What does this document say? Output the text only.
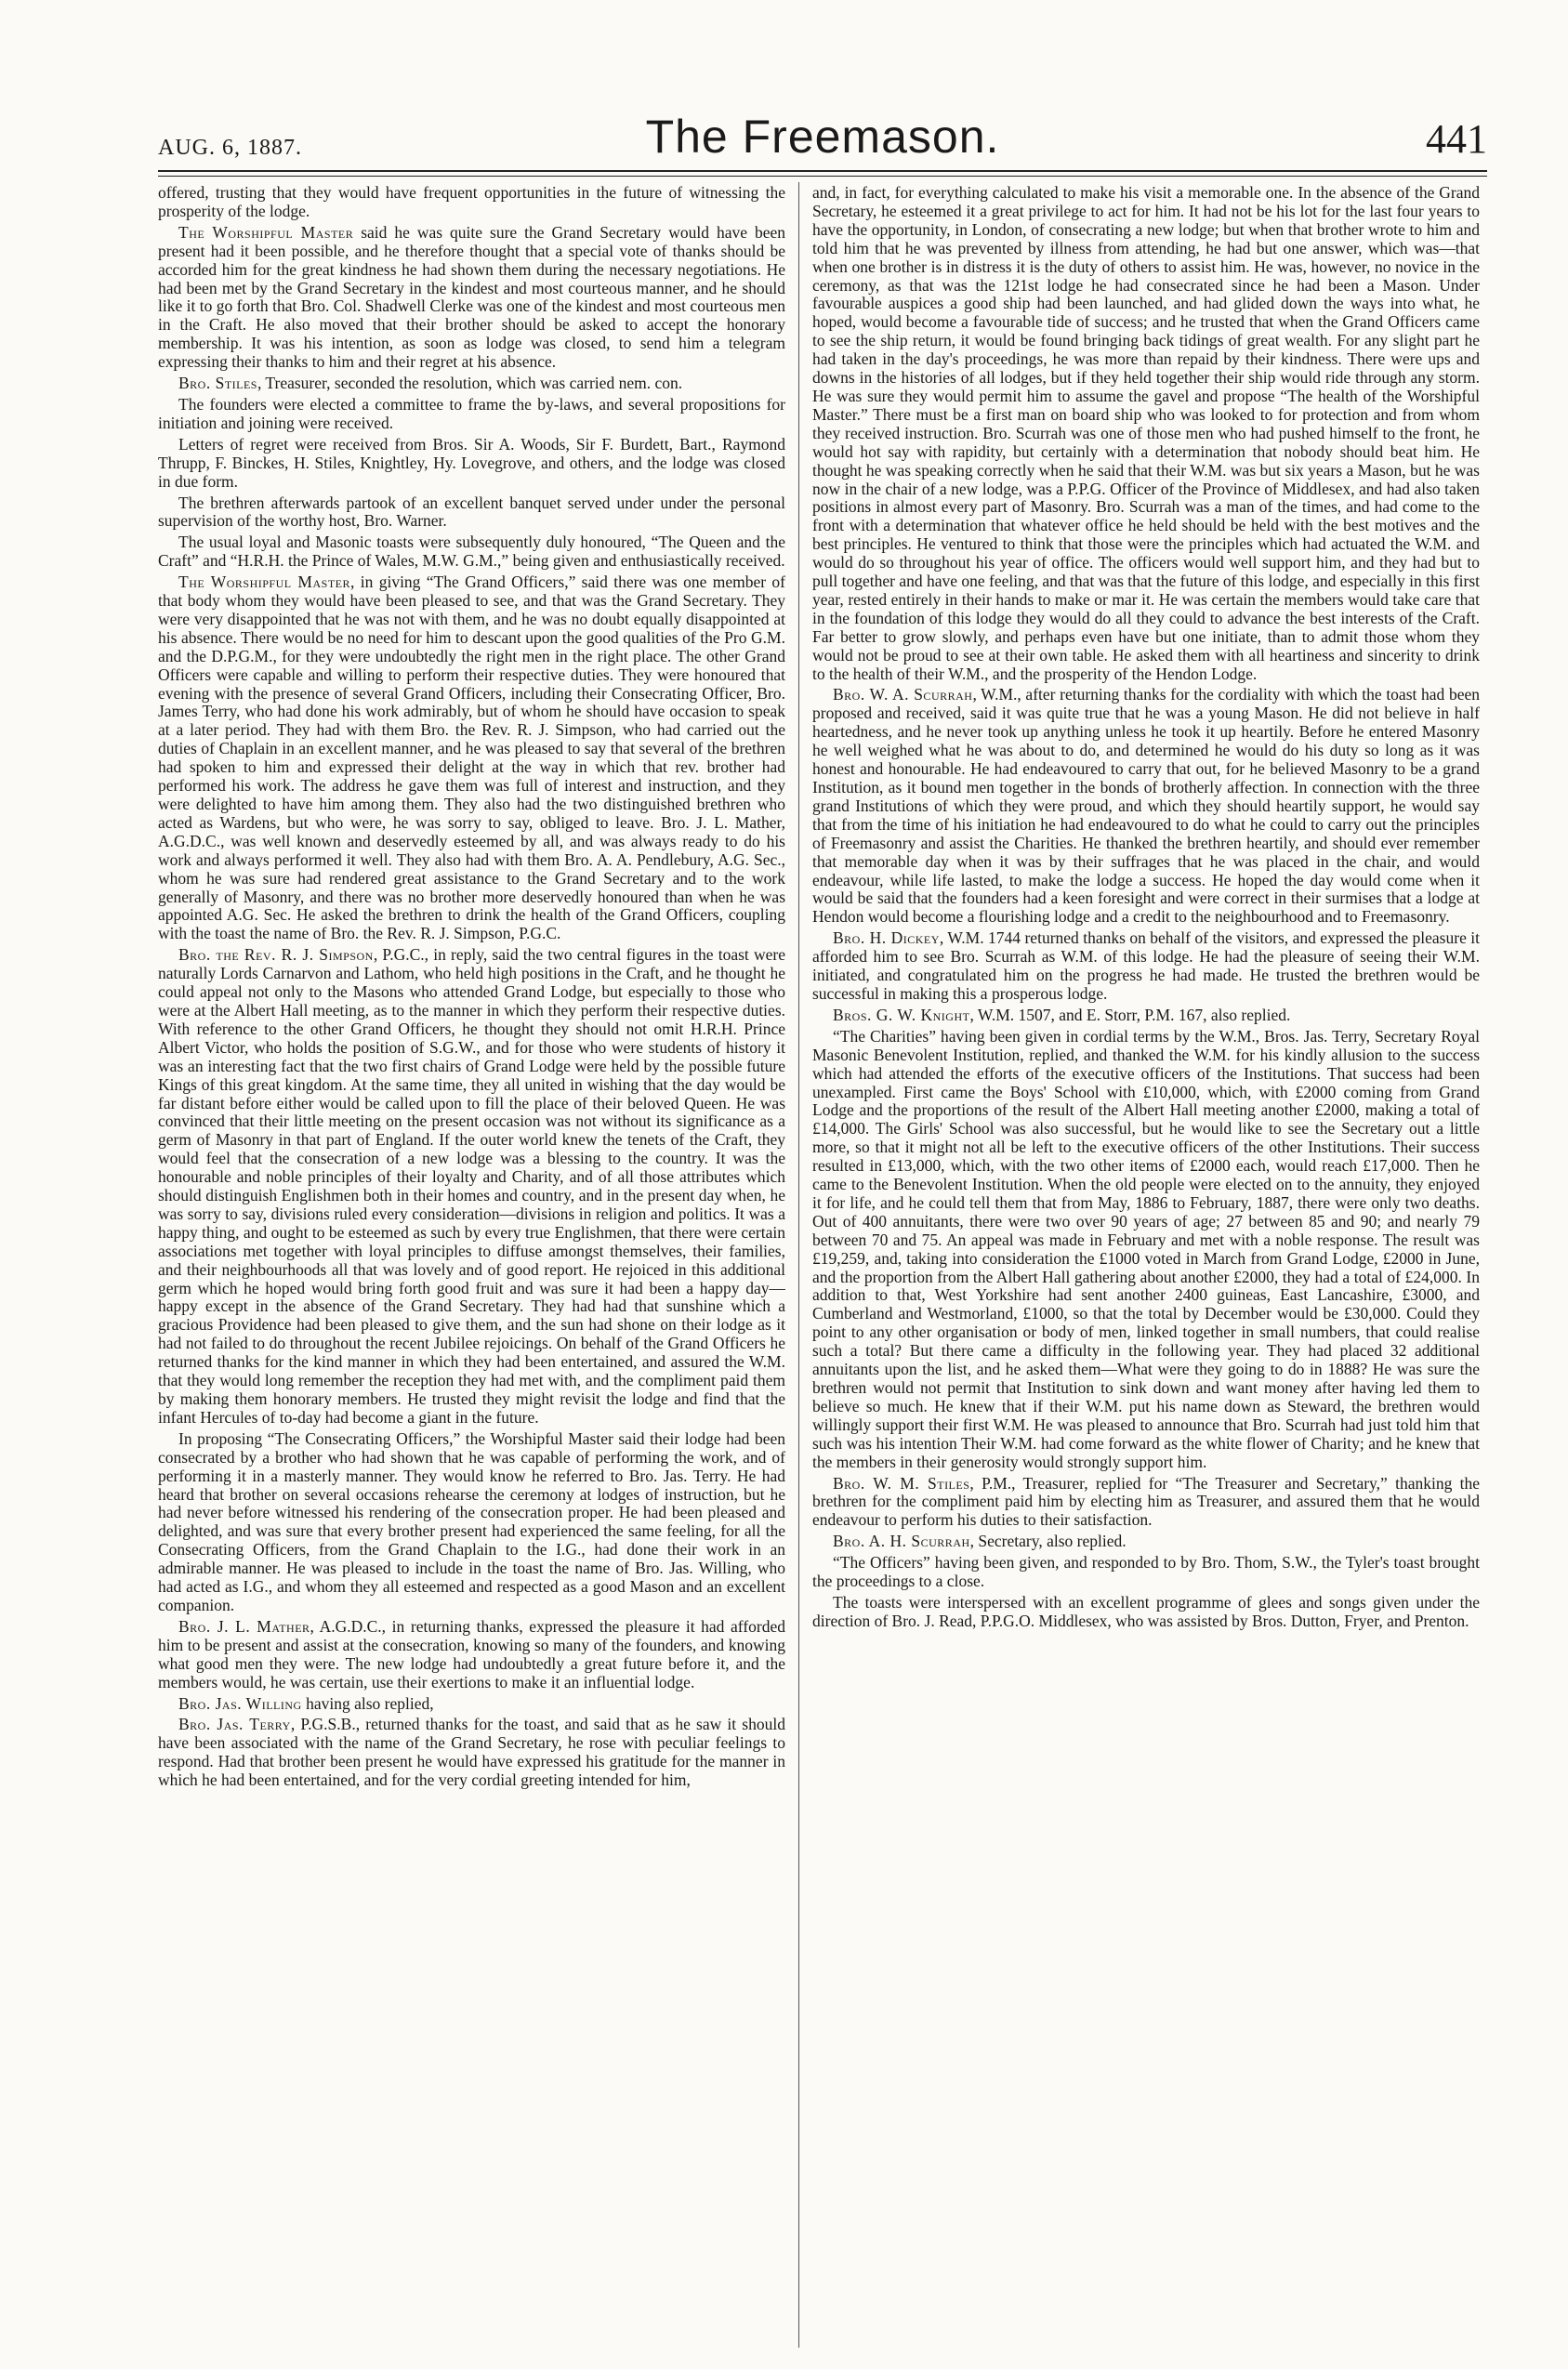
AUG. 6, 1887.	The Freemason.	441

offered, trusting that they would have frequent opportunities in the future of witnessing the prosperity of the lodge.

The Worshipful Master said he was quite sure the Grand Secretary would have been present had it been possible, and he therefore thought that a special vote of thanks should be accorded him for the great kindness he had shown them during the necessary negotiations. He had been met by the Grand Secretary in the kindest and most courteous manner, and he should like it to go forth that Bro. Col. Shadwell Clerke was one of the kindest and most courteous men in the Craft. He also moved that their brother should be asked to accept the honorary membership. It was his intention, as soon as lodge was closed, to send him a telegram expressing their thanks to him and their regret at his absence.

Bro. Stiles, Treasurer, seconded the resolution, which was carried nem. con.

The founders were elected a committee to frame the by-laws, and several propositions for initiation and joining were received.

Letters of regret were received from Bros. Sir A. Woods, Sir F. Burdett, Bart., Raymond Thrupp, F. Binckes, H. Stiles, Knightley, Hy. Lovegrove, and others, and the lodge was closed in due form.

The brethren afterwards partook of an excellent banquet served under under the personal supervision of the worthy host, Bro. Warner.

The usual loyal and Masonic toasts were subsequently duly honoured, “The Queen and the Craft” and “H.R.H. the Prince of Wales, M.W. G.M.,” being given and enthusiastically received.

The Worshipful Master, in giving “The Grand Officers,” said there was one member of that body whom they would have been pleased to see, and that was the Grand Secretary. They were very disappointed that he was not with them, and he was no doubt equally disappointed at his absence. There would be no need for him to descant upon the good qualities of the Pro G.M. and the D.P.G.M., for they were undoubtedly the right men in the right place. The other Grand Officers were capable and willing to perform their respective duties. They were honoured that evening with the presence of several Grand Officers, including their Consecrating Officer, Bro. James Terry, who had done his work admirably, but of whom he should have occasion to speak at a later period. They had with them Bro. the Rev. R. J. Simpson, who had carried out the duties of Chaplain in an excellent manner, and he was pleased to say that several of the brethren had spoken to him and expressed their delight at the way in which that rev. brother had performed his work. The address he gave them was full of interest and instruction, and they were delighted to have him among them. They also had the two distinguished brethren who acted as Wardens, but who were, he was sorry to say, obliged to leave. Bro. J. L. Mather, A.G.D.C., was well known and deservedly esteemed by all, and was always ready to do his work and always performed it well. They also had with them Bro. A. A. Pendlebury, A.G. Sec., whom he was sure had rendered great assistance to the Grand Secretary and to the work generally of Masonry, and there was no brother more deservedly honoured than when he was appointed A.G. Sec. He asked the brethren to drink the health of the Grand Officers, coupling with the toast the name of Bro. the Rev. R. J. Simpson, P.G.C.

Bro. the Rev. R. J. Simpson, P.G.C., in reply, said the two central figures in the toast were naturally Lords Carnarvon and Lathom, who held high positions in the Craft, and he thought he could appeal not only to the Masons who attended Grand Lodge, but especially to those who were at the Albert Hall meeting, as to the manner in which they perform their respective duties. With reference to the other Grand Officers, he thought they should not omit H.R.H. Prince Albert Victor, who holds the position of S.G.W., and for those who were students of history it was an interesting fact that the two first chairs of Grand Lodge were held by the possible future Kings of this great kingdom. At the same time, they all united in wishing that the day would be far distant before either would be called upon to fill the place of their beloved Queen. He was convinced that their little meeting on the present occasion was not without its significance as a germ of Masonry in that part of England. If the outer world knew the tenets of the Craft, they would feel that the consecration of a new lodge was a blessing to the country. It was the honourable and noble principles of their loyalty and Charity, and of all those attributes which should distinguish Englishmen both in their homes and country, and in the present day when, he was sorry to say, divisions ruled every consideration—divisions in religion and politics. It was a happy thing, and ought to be esteemed as such by every true Englishmen, that there were certain associations met together with loyal principles to diffuse amongst themselves, their families, and their neighbourhoods all that was lovely and of good report. He rejoiced in this additional germ which he hoped would bring forth good fruit and was sure it had been a happy day—happy except in the absence of the Grand Secretary. They had had that sunshine which a gracious Providence had been pleased to give them, and the sun had shone on their lodge as it had not failed to do throughout the recent Jubilee rejoicings. On behalf of the Grand Officers he returned thanks for the kind manner in which they had been entertained, and assured the W.M. that they would long remember the reception they had met with, and the compliment paid them by making them honorary members. He trusted they might revisit the lodge and find that the infant Hercules of to-day had become a giant in the future.

In proposing “The Consecrating Officers,” the Worshipful Master said their lodge had been consecrated by a brother who had shown that he was capable of performing the work, and of performing it in a masterly manner. They would know he referred to Bro. Jas. Terry. He had heard that brother on several occasions rehearse the ceremony at lodges of instruction, but he had never before witnessed his rendering of the consecration proper. He had been pleased and delighted, and was sure that every brother present had experienced the same feeling, for all the Consecrating Officers, from the Grand Chaplain to the I.G., had done their work in an admirable manner. He was pleased to include in the toast the name of Bro. Jas. Willing, who had acted as I.G., and whom they all esteemed and respected as a good Mason and an excellent companion.

Bro. J. L. Mather, A.G.D.C., in returning thanks, expressed the pleasure it had afforded him to be present and assist at the consecration, knowing so many of the founders, and knowing what good men they were. The new lodge had undoubtedly a great future before it, and the members would, he was certain, use their exertions to make it an influential lodge.

Bro. Jas. Willing having also replied,

Bro. Jas. Terry, P.G.S.B., returned thanks for the toast, and said that as he saw it should have been associated with the name of the Grand Secretary, he rose with peculiar feelings to respond. Had that brother been present he would have expressed his gratitude for the manner in which he had been entertained, and for the very cordial greeting intended for him,

and, in fact, for everything calculated to make his visit a memorable one. In the absence of the Grand Secretary, he esteemed it a great privilege to act for him. It had not be his lot for the last four years to have the opportunity, in London, of consecrating a new lodge; but when that brother wrote to him and told him that he was prevented by illness from attending, he had but one answer, which was—that when one brother is in distress it is the duty of others to assist him. He was, however, no novice in the ceremony, as that was the 121st lodge he had consecrated since he had been a Mason. Under favourable auspices a good ship had been launched, and had glided down the ways into what, he hoped, would become a favourable tide of success; and he trusted that when the Grand Officers came to see the ship return, it would be found bringing back tidings of great wealth. For any slight part he had taken in the day's proceedings, he was more than repaid by their kindness. There were ups and downs in the histories of all lodges, but if they held together their ship would ride through any storm. He was sure they would permit him to assume the gavel and propose “The health of the Worshipful Master.” There must be a first man on board ship who was looked to for protection and from whom they received instruction. Bro. Scurrah was one of those men who had pushed himself to the front, he would hot say with rapidity, but certainly with a determination that nobody should beat him. He thought he was speaking correctly when he said that their W.M. was but six years a Mason, but he was now in the chair of a new lodge, was a P.P.G. Officer of the Province of Middlesex, and had also taken positions in almost every part of Masonry. Bro. Scurrah was a man of the times, and had come to the front with a determination that whatever office he held should be held with the best motives and the best principles. He ventured to think that those were the principles which had actuated the W.M. and would do so throughout his year of office. The officers would well support him, and they had but to pull together and have one feeling, and that was that the future of this lodge, and especially in this first year, rested entirely in their hands to make or mar it. He was certain the members would take care that in the foundation of this lodge they would do all they could to advance the best interests of the Craft. Far better to grow slowly, and perhaps even have but one initiate, than to admit those whom they would not be proud to see at their own table. He asked them with all heartiness and sincerity to drink to the health of their W.M., and the prosperity of the Hendon Lodge.

Bro. W. A. Scurrah, W.M., after returning thanks for the cordiality with which the toast had been proposed and received, said it was quite true that he was a young Mason. He did not believe in half heartedness, and he never took up anything unless he took it up heartily. Before he entered Masonry he well weighed what he was about to do, and determined he would do his duty so long as it was honest and honourable. He had endeavoured to carry that out, for he believed Masonry to be a grand Institution, as it bound men together in the bonds of brotherly affection. In connection with the three grand Institutions of which they were proud, and which they should heartily support, he would say that from the time of his initiation he had endeavoured to do what he could to carry out the principles of Freemasonry and assist the Charities. He thanked the brethren heartily, and should ever remember that memorable day when it was by their suffrages that he was placed in the chair, and would endeavour, while life lasted, to make the lodge a success. He hoped the day would come when it would be said that the founders had a keen foresight and were correct in their surmises that a lodge at Hendon would become a flourishing lodge and a credit to the neighbourhood and to Freemasonry.

Bro. H. Dickey, W.M. 1744 returned thanks on behalf of the visitors, and expressed the pleasure it afforded him to see Bro. Scurrah as W.M. of this lodge. He had the pleasure of seeing their W.M. initiated, and congratulated him on the progress he had made. He trusted the brethren would be successful in making this a prosperous lodge.

Bros. G. W. Knight, W.M. 1507, and E. Storr, P.M. 167, also replied.

“The Charities” having been given in cordial terms by the W.M., Bros. Jas. Terry, Secretary Royal Masonic Benevolent Institution, replied, and thanked the W.M. for his kindly allusion to the success which had attended the efforts of the executive officers of the Institutions. That success had been unexampled. First came the Boys' School with £10,000, which, with £2000 coming from Grand Lodge and the proportions of the result of the Albert Hall meeting another £2000, making a total of £14,000. The Girls' School was also successful, but he would like to see the Secretary out a little more, so that it might not all be left to the executive officers of the other Institutions. Their success resulted in £13,000, which, with the two other items of £2000 each, would reach £17,000. Then he came to the Benevolent Institution. When the old people were elected on to the annuity, they enjoyed it for life, and he could tell them that from May, 1886 to February, 1887, there were only two deaths. Out of 400 annuitants, there were two over 90 years of age; 27 between 85 and 90; and nearly 79 between 70 and 75. An appeal was made in February and met with a noble response. The result was £19,259, and, taking into consideration the £1000 voted in March from Grand Lodge, £2000 in June, and the proportion from the Albert Hall gathering about another £2000, they had a total of £24,000. In addition to that, West Yorkshire had sent another 2400 guineas, East Lancashire, £3000, and Cumberland and Westmorland, £1000, so that the total by December would be £30,000. Could they point to any other organisation or body of men, linked together in small numbers, that could realise such a total? But there came a difficulty in the following year. They had placed 32 additional annuitants upon the list, and he asked them—What were they going to do in 1888? He was sure the brethren would not permit that Institution to sink down and want money after having led them to believe so much. He knew that if their W.M. put his name down as Steward, the brethren would willingly support their first W.M. He was pleased to announce that Bro. Scurrah had just told him that such was his intention Their W.M. had come forward as the white flower of Charity; and he knew that the members in their generosity would strongly support him.

Bro. W. M. Stiles, P.M., Treasurer, replied for “The Treasurer and Secretary,” thanking the brethren for the compliment paid him by electing him as Treasurer, and assured them that he would endeavour to perform his duties to their satisfaction.

Bro. A. H. Scurrah, Secretary, also replied.

“The Officers” having been given, and responded to by Bro. Thom, S.W., the Tyler's toast brought the proceedings to a close.

The toasts were interspersed with an excellent programme of glees and songs given under the direction of Bro. J. Read, P.P.G.O. Middlesex, who was assisted by Bros. Dutton, Fryer, and Prenton.
